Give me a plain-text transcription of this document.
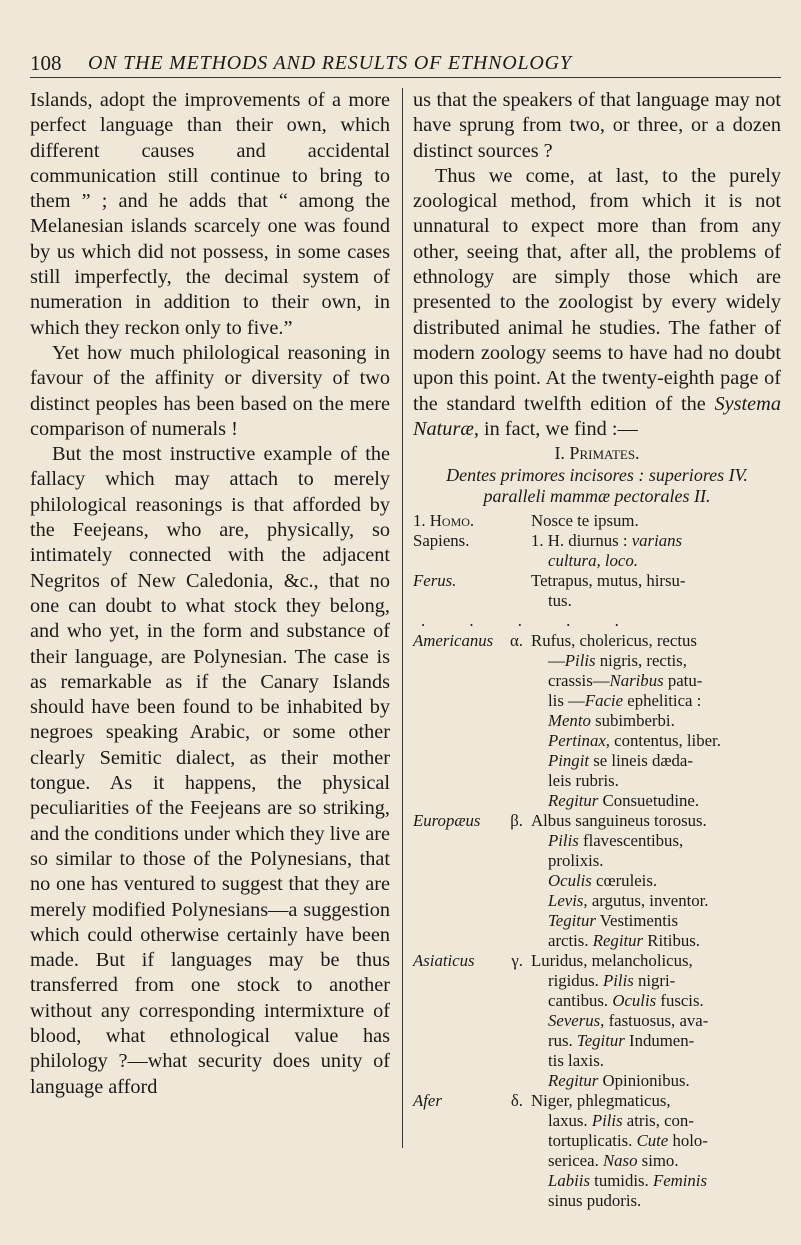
108 ON THE METHODS AND RESULTS OF ETHNOLOGY

Islands, adopt the improvements of a more perfect language than their own, which different causes and accidental communication still continue to bring to them ” ; and he adds that “ among the Melanesian islands scarcely one was found by us which did not possess, in some cases still imperfectly, the decimal system of numeration in addition to their own, in which they reckon only to five.”

Yet how much philological reasoning in favour of the affinity or diversity of two distinct peoples has been based on the mere comparison of numerals !

But the most instructive example of the fallacy which may attach to merely philological reasonings is that afforded by the Feejeans, who are, physically, so intimately connected with the adjacent Negritos of New Caledonia, &c., that no one can doubt to what stock they belong, and who yet, in the form and substance of their language, are Polynesian. The case is as remarkable as if the Canary Islands should have been found to be inhabited by negroes speaking Arabic, or some other clearly Semitic dialect, as their mother tongue. As it happens, the physical peculiarities of the Feejeans are so striking, and the conditions under which they live are so similar to those of the Polynesians, that no one has ventured to suggest that they are merely modified Polynesians—a suggestion which could otherwise certainly have been made. But if languages may be thus transferred from one stock to another without any corresponding intermixture of blood, what ethnological value has philology ?—what security does unity of language afford

us that the speakers of that language may not have sprung from two, or three, or a dozen distinct sources ?

Thus we come, at last, to the purely zoological method, from which it is not unnatural to expect more than from any other, seeing that, after all, the problems of ethnology are simply those which are presented to the zoologist by every widely distributed animal he studies. The father of modern zoology seems to have had no doubt upon this point. At the twenty-eighth page of the standard twelfth edition of the Systema Naturæ, in fact, we find :—

I. Primates.

Dentes primores incisores : superiores IV.

paralleli mammæ pectorales II.

1. Homo.	Nosce te ipsum.
Sapiens.	1. H. diurnus : varians
cultura, loco.
Ferus.	Tetrapus, mutus, hirsu-
tus.
. . . . .
Americanus α. Rufus, cholericus, rectus
—Pilis nigris, rectis,
crassis—Naribus patu-
lis —Facie ephelitica :
Mento subimberbi.
Pertinax, contentus, liber.
Pingit se lineis dæda-
leis rubris.
Regitur Consuetudine.
Europæus β. Albus sanguineus torosus.
Pilis flavescentibus,
prolixis.
Oculis cœruleis.
Levis, argutus, inventor.
Tegitur Vestimentis
arctis. Regitur Ritibus.
Asiaticus γ. Luridus, melancholicus,
rigidus. Pilis nigri-
cantibus. Oculis fuscis.
Severus, fastuosus, ava-
rus. Tegitur Indumen-
tis laxis.
Regitur Opinionibus.
Afer	δ. Niger, phlegmaticus,
laxus. Pilis atris, con-
tortuplicatis. Cute holo-
sericea. Naso simo.
Labiis tumidis. Feminis
sinus pudoris.
